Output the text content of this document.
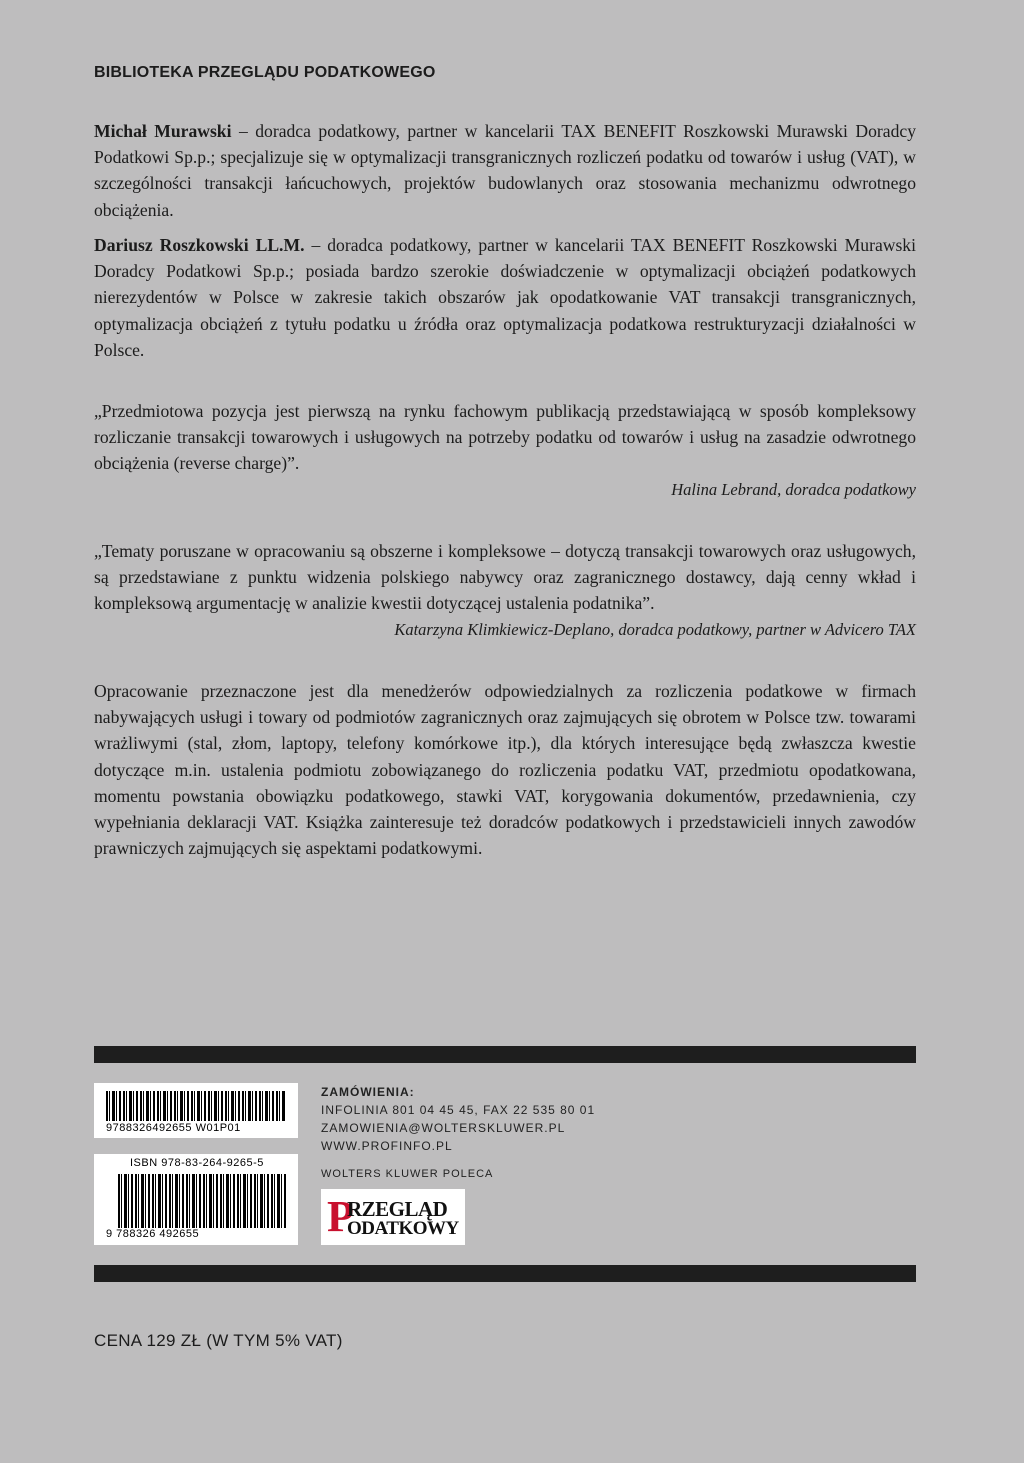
BIBLIOTEKA PRZEGLĄDU PODATKOWEGO

Michał Murawski – doradca podatkowy, partner w kancelarii TAX BENEFIT Roszkowski Murawski Doradcy Podatkowi Sp.p.; specjalizuje się w optymalizacji transgranicznych rozliczeń podatku od towarów i usług (VAT), w szczególności transakcji łańcuchowych, projektów budowlanych oraz stosowania mechanizmu odwrotnego obciążenia.

Dariusz Roszkowski LL.M. – doradca podatkowy, partner w kancelarii TAX BENEFIT Roszkowski Murawski Doradcy Podatkowi Sp.p.; posiada bardzo szerokie doświadczenie w optymalizacji obciążeń podatkowych nierezydentów w Polsce w zakresie takich obszarów jak opodatkowanie VAT transakcji transgranicznych, optymalizacja obciążeń z tytułu podatku u źródła oraz optymalizacja podatkowa restrukturyzacji działalności w Polsce.

„Przedmiotowa pozycja jest pierwszą na rynku fachowym publikacją przedstawiającą w sposób kompleksowy rozliczanie transakcji towarowych i usługowych na potrzeby podatku od towarów i usług na zasadzie odwrotnego obciążenia (reverse charge)”.

Halina Lebrand, doradca podatkowy

„Tematy poruszane w opracowaniu są obszerne i kompleksowe – dotyczą transakcji towarowych oraz usługowych, są przedstawiane z punktu widzenia polskiego nabywcy oraz zagranicznego dostawcy, dają cenny wkład i kompleksową argumentację w analizie kwestii dotyczącej ustalenia podatnika”.

Katarzyna Klimkiewicz-Deplano, doradca podatkowy, partner w Advicero TAX

Opracowanie przeznaczone jest dla menedżerów odpowiedzialnych za rozliczenia podatkowe w firmach nabywających usługi i towary od podmiotów zagranicznych oraz zajmujących się obrotem w Polsce tzw. towarami wrażliwymi (stal, złom, laptopy, telefony komórkowe itp.), dla których interesujące będą zwłaszcza kwestie dotyczące m.in. ustalenia podmiotu zobowiązanego do rozliczenia podatku VAT, przedmiotu opodatkowana, momentu powstania obowiązku podatkowego, stawki VAT, korygowania dokumentów, przedawnienia, czy wypełniania deklaracji VAT. Książka zainteresuje też doradców podatkowych i przedstawicieli innych zawodów prawniczych zajmujących się aspektami podatkowymi.

9788326492655 W01P01
ISBN 978-83-264-9265-5
9 788326 492655
ZAMÓWIENIA:
INFOLINIA 801 04 45 45, FAX 22 535 80 01
ZAMOWIENIA@WOLTERSKLUWER.PL
WWW.PROFINFO.PL
WOLTERS KLUWER POLECA
P
RZEGLĄD
ODATKOWY
CENA 129 ZŁ (W TYM 5% VAT)
